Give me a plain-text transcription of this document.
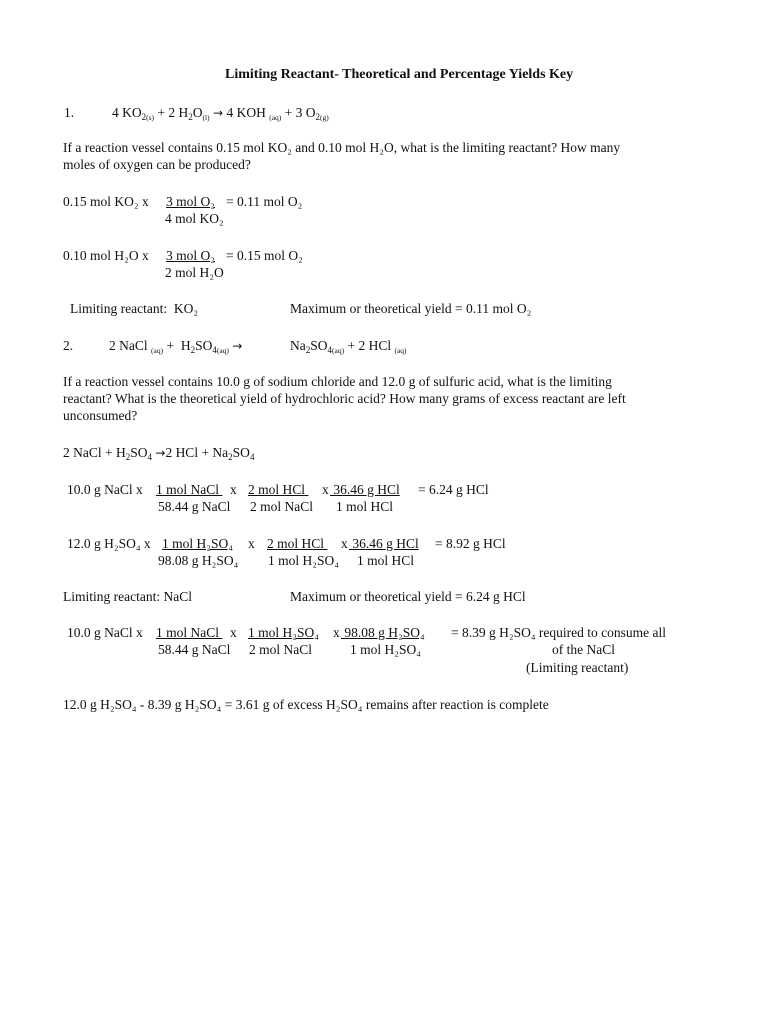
Limiting Reactant- Theoretical and Percentage Yields Key
1.	4 $KO_{2(s)} + 2$ $H_2O_{(l)} \to 4$ KOH $_{(aq)}$ + 3 $O_{2(g)}$
If a reaction vessel contains 0.15 mol KO₂ and 0.10 mol H₂O, what is the limiting reactant? How many
moles of oxygen can be produced?
0.15 mol KO₂ x 3 mol O₂ = 0.11 mol O₂
4 mol KO₂
0.10 mol H₂O x 3 mol O₂ = 0.15 mol O₂
2 mol H₂O
Limiting reactant:  KO₂	Maximum or theoretical yield = 0.11 mol O₂
2.	2 NaCl $_{(aq)} + H_2SO_{4(aq)}$ →	$Na_2SO_{4(aq)} + 2$ HCl $_{(aq)}$
If a reaction vessel contains 10.0 g of sodium chloride and 12.0 g of sulfuric acid, what is the limiting
reactant? What is the theoretical yield of hydrochloric acid? How many grams of excess reactant are left
unconsumed?
2 NaCl + $H_2SO_4 \to 2$ HCl + $Na_2SO_4$
10.0 g NaCl x 1 mol NaCl x 2 mol HCl x 36.46 g HCl = 6.24 g HCl
58.44 g NaCl 2 mol NaCl 1 mol HCl
12.0 g H₂SO₄ x 1 mol H₂SO₄ x 2 mol HCl x 36.46 g HCl = 8.92 g HCl
98.08 g H₂SO₄ 1 mol H₂SO₄ 1 mol HCl
Limiting reactant: NaCl	Maximum or theoretical yield = 6.24 g HCl
10.0 g NaCl x 1 mol NaCl x 1 mol H₂SO₄ x 98.08 g H₂SO₄ = 8.39 g H₂SO₄ required to consume all
58.44 g NaCl 2 mol NaCl	1 mol H₂SO₄	of the NaCl
(Limiting reactant)
12.0 g H₂SO₄ - 8.39 g H₂SO₄ = 3.61 g of excess H₂SO₄ remains after reaction is complete
